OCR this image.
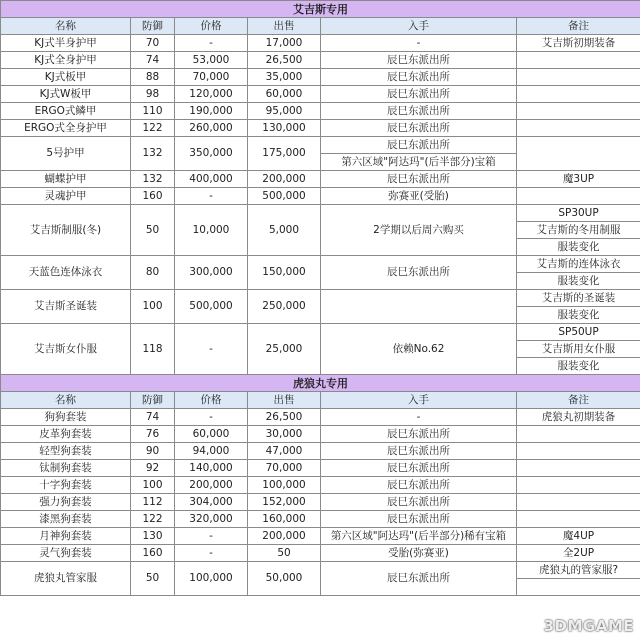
艾吉斯专用					
名称	防御	价格	出售	入手	备注
KJ式半身护甲	70	-	17,000	-	艾吉斯初期装备
KJ式全身护甲	74	53,000	26,500	辰巳东派出所	
KJ式板甲	88	70,000	35,000	辰巳东派出所	
KJ式W板甲	98	120,000	60,000	辰巳东派出所	
ERGO式鳞甲	110	190,000	95,000	辰巳东派出所	
ERGO式全身护甲	122	260,000	130,000	辰巳东派出所	
5号护甲	132	350,000	175,000	辰巳东派出所	
				第六区域"阿达玛"(后半部分)宝箱	
蝴蝶护甲	132	400,000	200,000	辰巳东派出所	魔3UP
灵魂护甲	160	-	500,000	弥赛亚(受胎)	
艾吉斯制服(冬)	50	10,000	5,000	2学期以后周六购买	SP30UP
					艾吉斯的冬用制服
					服装变化
天蓝色连体泳衣	80	300,000	150,000	辰巳东派出所	艾吉斯的连体泳衣
					服装变化
艾吉斯圣诞装	100	500,000	250,000		艾吉斯的圣诞装
					服装变化
艾吉斯女仆服	118	-	25,000	依赖No.62	SP50UP
					艾吉斯用女仆服
					服装变化
虎狼丸专用					
名称	防御	价格	出售	入手	备注
狗狗套装	74	-	26,500	-	虎狼丸初期装备
皮革狗套装	76	60,000	30,000	辰巳东派出所	
轻型狗套装	90	94,000	47,000	辰巳东派出所	
钛制狗套装	92	140,000	70,000	辰巳东派出所	
十字狗套装	100	200,000	100,000	辰巳东派出所	
强力狗套装	112	304,000	152,000	辰巳东派出所	
漆黑狗套装	122	320,000	160,000	辰巳东派出所	
月神狗套装	130	-	200,000	第六区域"阿达玛"(后半部分)稀有宝箱	魔4UP
灵气狗套装	160	-	50	受胎(弥赛亚)	全2UP
虎狼丸管家服	50	100,000	50,000	辰巳东派出所	虎狼丸的管家服?

3DMGAME
